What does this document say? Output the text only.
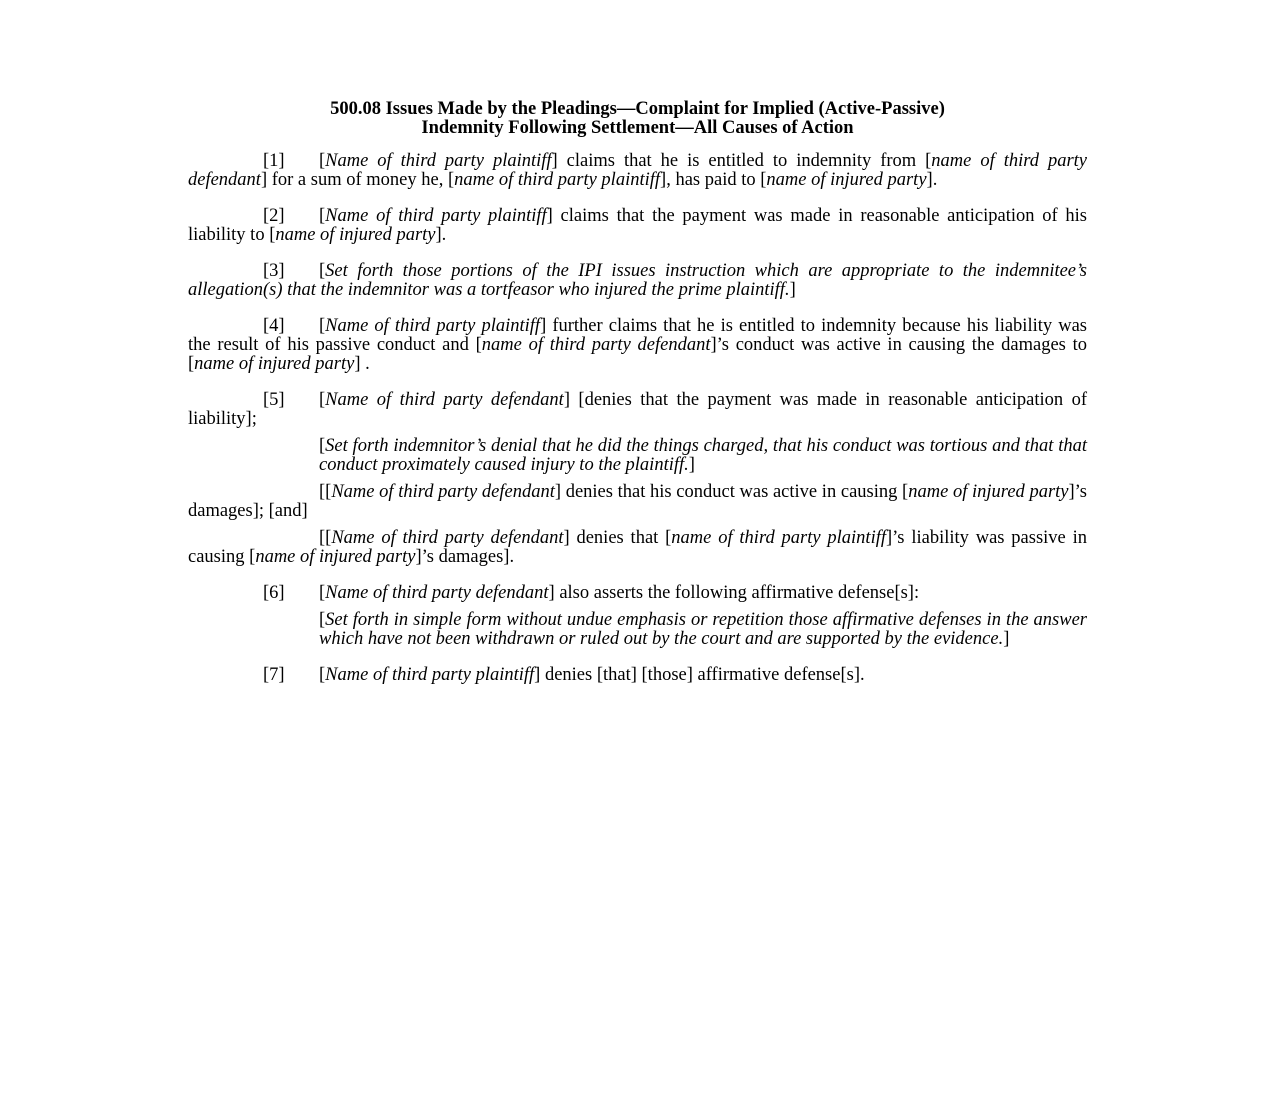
500.08 Issues Made by the Pleadings—Complaint for Implied (Active-Passive)
Indemnity Following Settlement—All Causes of Action

[1] [Name of third party plaintiff] claims that he is entitled to indemnity from [name of third party defendant] for a sum of money he, [name of third party plaintiff], has paid to [name of injured party].

[2] [Name of third party plaintiff] claims that the payment was made in reasonable anticipation of his liability to [name of injured party].

[3] [Set forth those portions of the IPI issues instruction which are appropriate to the indemnitee’s allegation(s) that the indemnitor was a tortfeasor who injured the prime plaintiff.]

[4] [Name of third party plaintiff] further claims that he is entitled to indemnity because his liability was the result of his passive conduct and [name of third party defendant]’s conduct was active in causing the damages to [name of injured party] .

[5] [Name of third party defendant] [denies that the payment was made in reasonable anticipation of liability];

[Set forth indemnitor’s denial that he did the things charged, that his conduct was tortious and that that conduct proximately caused injury to the plaintiff.]

[[Name of third party defendant] denies that his conduct was active in causing [name of injured party]’s damages]; [and]

[[Name of third party defendant] denies that [name of third party plaintiff]’s liability was passive in causing [name of injured party]’s damages].

[6] [Name of third party defendant] also asserts the following affirmative defense[s]:

[Set forth in simple form without undue emphasis or repetition those affirmative defenses in the answer which have not been withdrawn or ruled out by the court and are supported by the evidence.]

[7] [Name of third party plaintiff] denies [that] [those] affirmative defense[s].
